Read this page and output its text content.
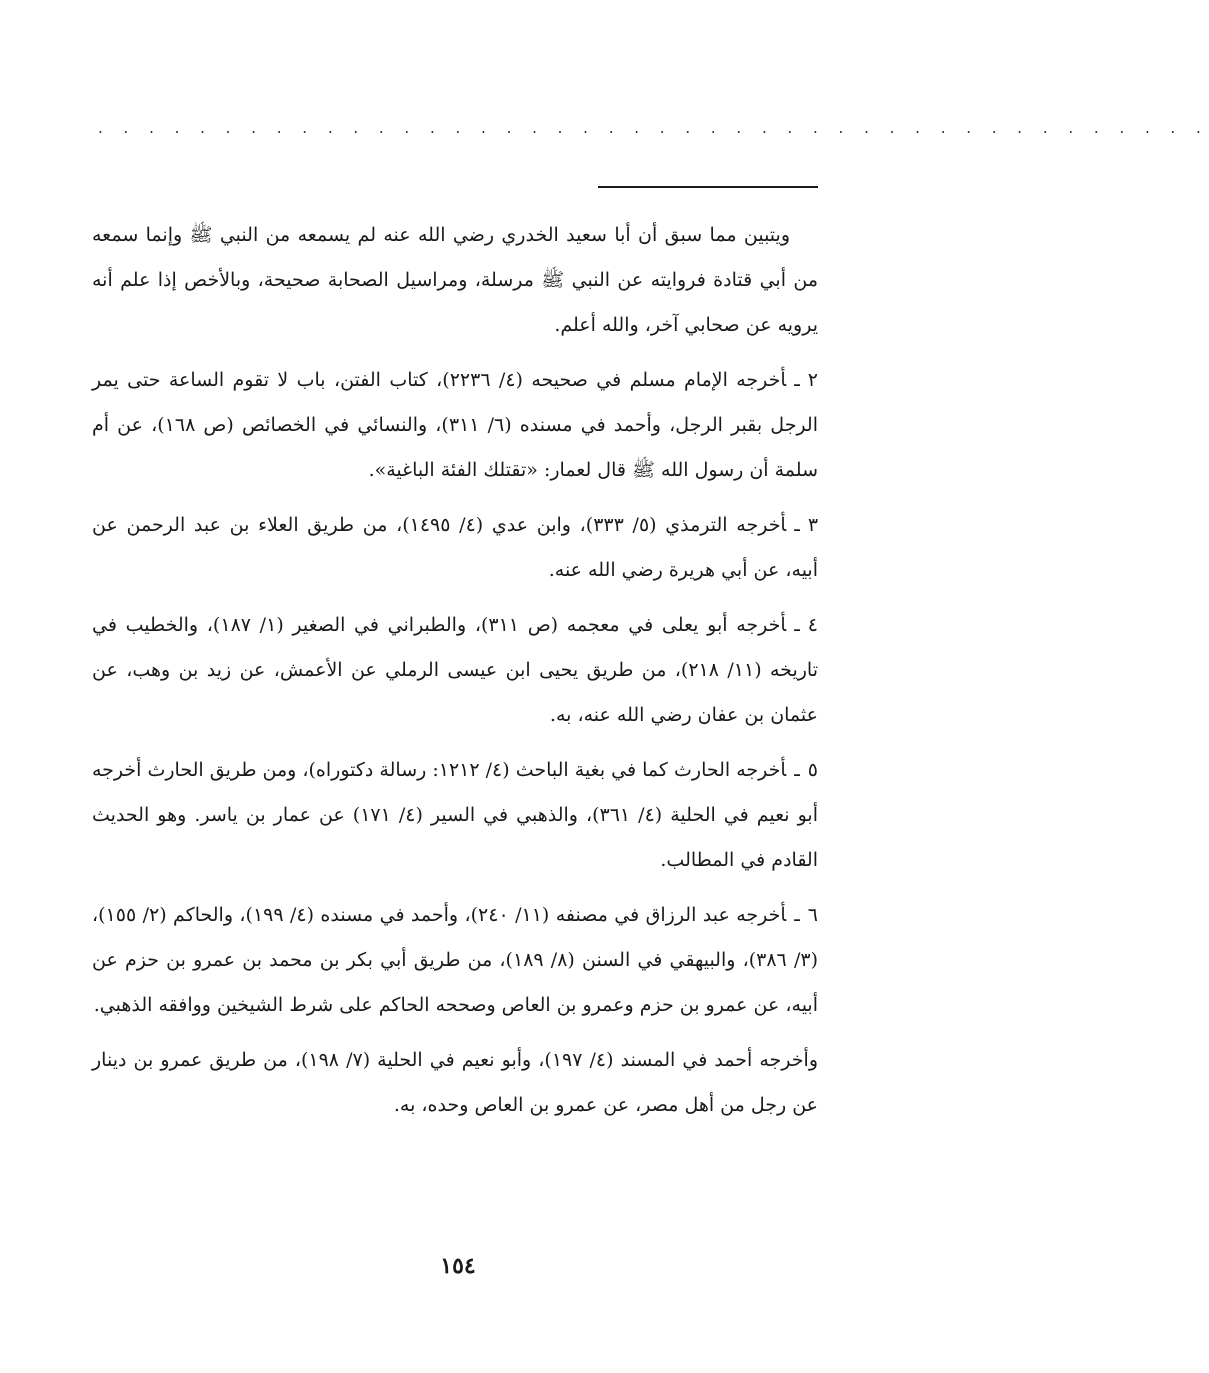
. . . . . . . . . . . . . . . . . . . . . . . . . . . . . . . . . . . . . . . . . . . .

ويتبين مما سبق أن أبا سعيد الخدري رضي الله عنه لم يسمعه من النبي ﷺ وإنما سمعه من أبي قتادة فروايته عن النبي ﷺ مرسلة، ومراسيل الصحابة صحيحة، وبالأخص إذا علم أنه يرويه عن صحابي آخر، والله أعلم.

٢ـأخرجه الإمام مسلم في صحيحه (٤/ ٢٢٣٦)، كتاب الفتن، باب لا تقوم الساعة حتى يمر الرجل بقبر الرجل، وأحمد في مسنده (٦/ ٣١١)، والنسائي في الخصائص (ص ١٦٨)، عن أم سلمة أن رسول الله ﷺ قال لعمار: «تقتلك الفئة الباغية».

٣ـأخرجه الترمذي (٥/ ٣٣٣)، وابن عدي (٤/ ١٤٩٥)، من طريق العلاء بن عبد الرحمن عن أبيه، عن أبي هريرة رضي الله عنه.

٤ـأخرجه أبو يعلى في معجمه (ص ٣١١)، والطبراني في الصغير (١/ ١٨٧)، والخطيب في تاريخه (١١/ ٢١٨)، من طريق يحيى ابن عيسى الرملي عن الأعمش، عن زيد بن وهب، عن عثمان بن عفان رضي الله عنه، به.

٥ـأخرجه الحارث كما في بغية الباحث (٤/ ١٢١٢: رسالة دكتوراه)، ومن طريق الحارث أخرجه أبو نعيم في الحلية (٤/ ٣٦١)، والذهبي في السير (٤/ ١٧١) عن عمار بن ياسر. وهو الحديث القادم في المطالب.

٦ـأخرجه عبد الرزاق في مصنفه (١١/ ٢٤٠)، وأحمد في مسنده (٤/ ١٩٩)، والحاكم (٢/ ١٥٥)، (٣/ ٣٨٦)، والبيهقي في السنن (٨/ ١٨٩)، من طريق أبي بكر بن محمد بن عمرو بن حزم عن أبيه، عن عمرو بن حزم وعمرو بن العاص وصححه الحاكم على شرط الشيخين ووافقه الذهبي.

وأخرجه أحمد في المسند (٤/ ١٩٧)، وأبو نعيم في الحلية (٧/ ١٩٨)، من طريق عمرو بن دينار عن رجل من أهل مصر، عن عمرو بن العاص وحده، به.

١٥٤
